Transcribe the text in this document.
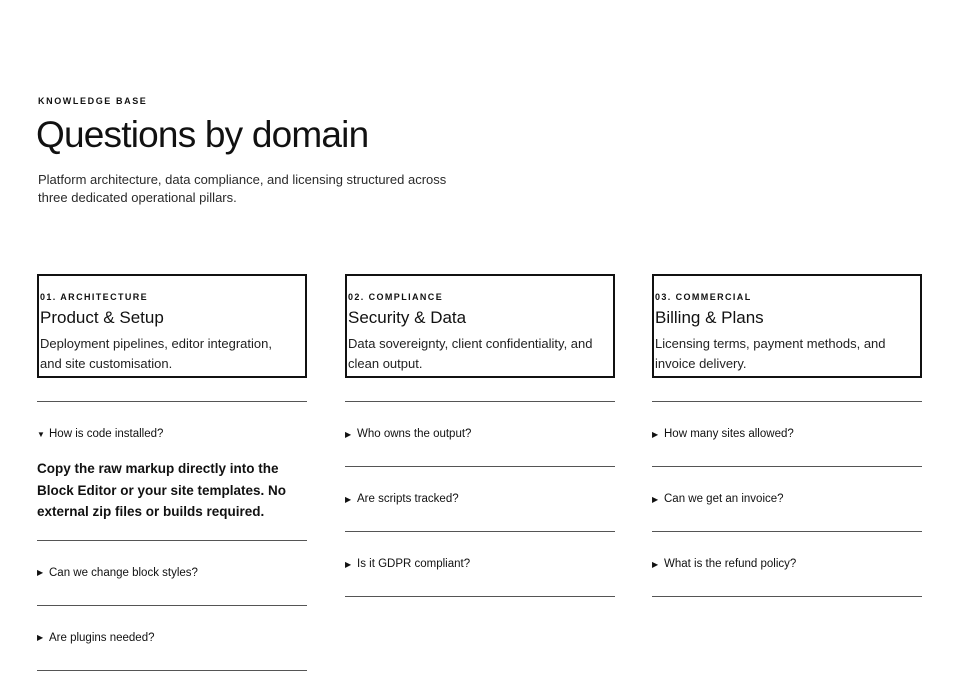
KNOWLEDGE BASE
Questions by domain

Platform architecture, data compliance, and licensing structured across three dedicated operational pillars.

01. ARCHITECTURE
Product & Setup
Deployment pipelines, editor integration, and site customisation.
▼ How is code installed?
Copy the raw markup directly into the Block Editor or your site templates. No external zip files or builds required.
▶ Can we change block styles?
▶ Are plugins needed?
02. COMPLIANCE
Security & Data
Data sovereignty, client confidentiality, and clean output.
▶ Who owns the output?
▶ Are scripts tracked?
▶ Is it GDPR compliant?
03. COMMERCIAL
Billing & Plans
Licensing terms, payment methods, and invoice delivery.
▶ How many sites allowed?
▶ Can we get an invoice?
▶ What is the refund policy?
